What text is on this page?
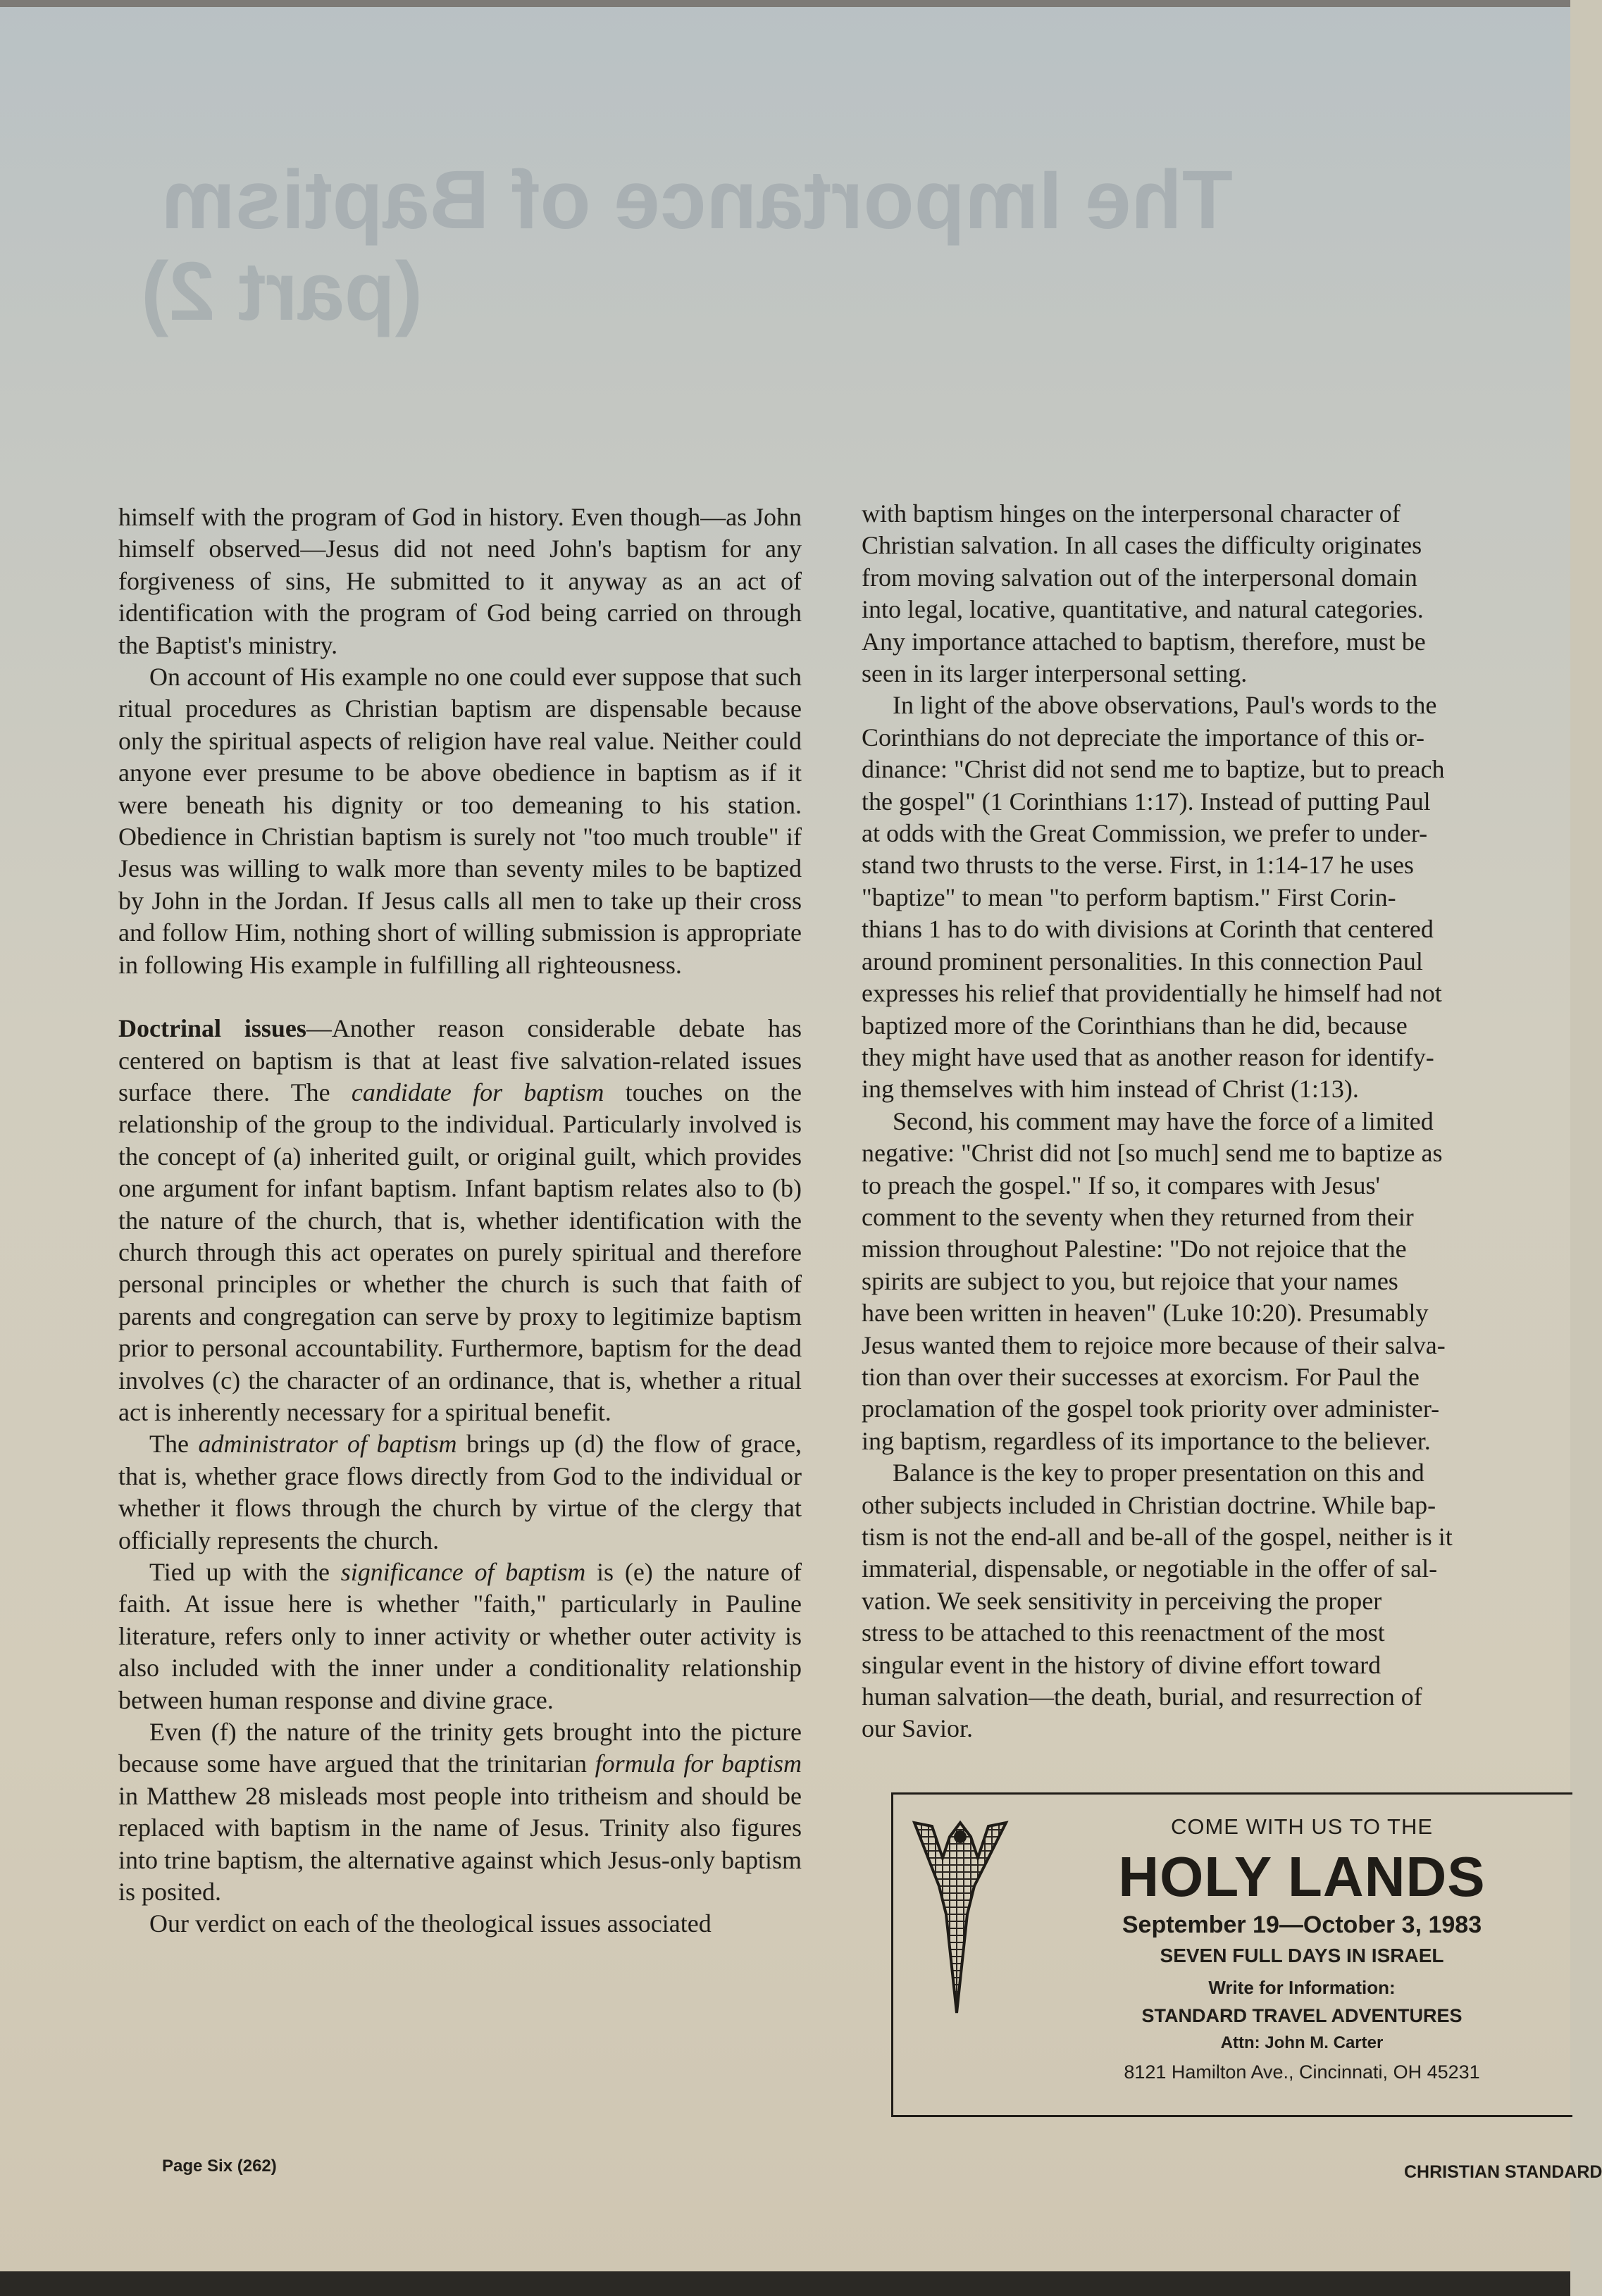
The Importance of Baptism
(part 2)

himself with the program of God in history. Even though—as John himself observed—Jesus did not need John's baptism for any forgiveness of sins, He submitted to it anyway as an act of identification with the program of God being carried on through the Baptist's ministry.

On account of His example no one could ever suppose that such ritual procedures as Christian baptism are dispensable because only the spiritual aspects of religion have real value. Neither could anyone ever presume to be above obedience in baptism as if it were beneath his dignity or too demeaning to his station. Obedience in Christian baptism is surely not "too much trouble" if Jesus was willing to walk more than seventy miles to be baptized by John in the Jordan. If Jesus calls all men to take up their cross and follow Him, nothing short of willing submission is appropriate in following His example in fulfilling all righteousness.

Doctrinal issues—Another reason considerable debate has centered on baptism is that at least five salvation-related issues surface there. The candidate for baptism touches on the relationship of the group to the individual. Particularly involved is the concept of (a) inherited guilt, or original guilt, which provides one argument for infant baptism. Infant baptism relates also to (b) the nature of the church, that is, whether identification with the church through this act operates on purely spiritual and therefore personal principles or whether the church is such that faith of parents and congregation can serve by proxy to legitimize baptism prior to personal accountability. Furthermore, baptism for the dead involves (c) the character of an ordinance, that is, whether a ritual act is inherently necessary for a spiritual benefit.

The administrator of baptism brings up (d) the flow of grace, that is, whether grace flows directly from God to the individual or whether it flows through the church by virtue of the clergy that officially represents the church.

Tied up with the significance of baptism is (e) the nature of faith. At issue here is whether "faith," particularly in Pauline literature, refers only to inner activity or whether outer activity is also included with the inner under a conditionality relationship between human response and divine grace.

Even (f) the nature of the trinity gets brought into the picture because some have argued that the trinitarian formula for baptism in Matthew 28 misleads most people into tritheism and should be replaced with baptism in the name of Jesus. Trinity also figures into trine baptism, the alternative against which Jesus-only baptism is posited.

Our verdict on each of the theological issues associated

with baptism hinges on the interpersonal character of
Christian salvation. In all cases the difficulty originates
from moving salvation out of the interpersonal domain
into legal, locative, quantitative, and natural categories.
Any importance attached to baptism, therefore, must be
seen in its larger interpersonal setting.
In light of the above observations, Paul's words to the
Corinthians do not depreciate the importance of this or-
dinance: "Christ did not send me to baptize, but to preach
the gospel" (1 Corinthians 1:17). Instead of putting Paul
at odds with the Great Commission, we prefer to under-
stand two thrusts to the verse. First, in 1:14-17 he uses
"baptize" to mean "to perform baptism." First Corin-
thians 1 has to do with divisions at Corinth that centered
around prominent personalities. In this connection Paul
expresses his relief that providentially he himself had not
baptized more of the Corinthians than he did, because
they might have used that as another reason for identify-
ing themselves with him instead of Christ (1:13).
Second, his comment may have the force of a limited
negative: "Christ did not [so much] send me to baptize as
to preach the gospel." If so, it compares with Jesus'
comment to the seventy when they returned from their
mission throughout Palestine: "Do not rejoice that the
spirits are subject to you, but rejoice that your names
have been written in heaven" (Luke 10:20). Presumably
Jesus wanted them to rejoice more because of their salva-
tion than over their successes at exorcism. For Paul the
proclamation of the gospel took priority over administer-
ing baptism, regardless of its importance to the believer.
Balance is the key to proper presentation on this and
other subjects included in Christian doctrine. While bap-
tism is not the end-all and be-all of the gospel, neither is it
immaterial, dispensable, or negotiable in the offer of sal-
vation. We seek sensitivity in perceiving the proper
stress to be attached to this reenactment of the most
singular event in the history of divine effort toward
human salvation—the death, burial, and resurrection of
our Savior.
COME WITH US TO THE
HOLY LANDS
September 19—October 3, 1983
SEVEN FULL DAYS IN ISRAEL
Write for Information:
STANDARD TRAVEL ADVENTURES
Attn: John M. Carter
8121 Hamilton Ave., Cincinnati, OH 45231
Page Six (262)	CHRISTIAN STANDARD
